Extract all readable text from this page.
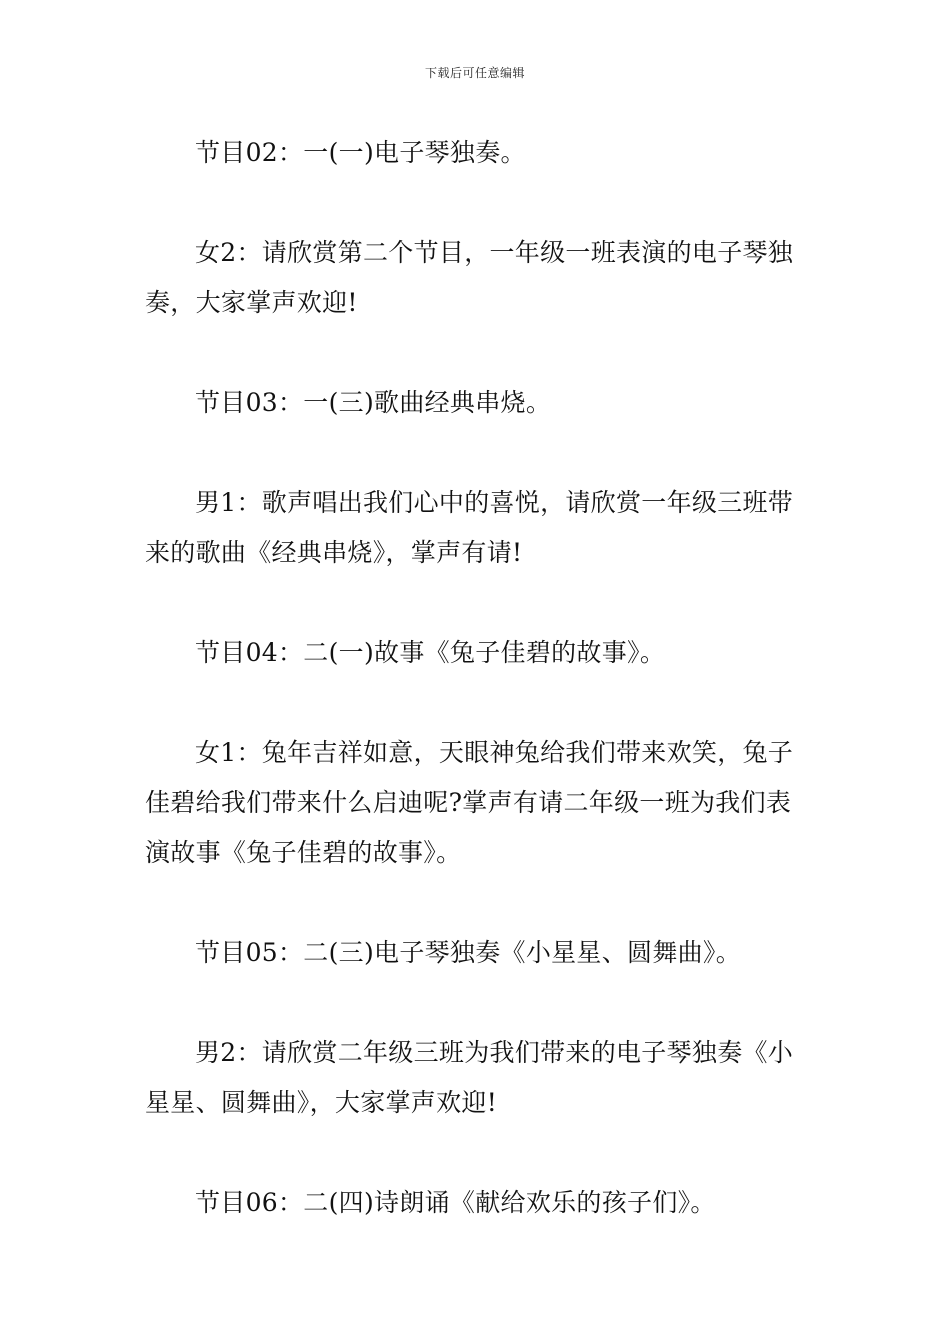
下载后可任意编辑

节目02：一(一)电子琴独奏。

女2：请欣赏第二个节目，一年级一班表演的电子琴独奏，大家掌声欢迎!

节目03：一(三)歌曲经典串烧。

男1：歌声唱出我们心中的喜悦，请欣赏一年级三班带来的歌曲《经典串烧》，掌声有请!

节目04：二(一)故事《兔子佳碧的故事》。

女1：兔年吉祥如意，天眼神兔给我们带来欢笑，兔子佳碧给我们带来什么启迪呢?掌声有请二年级一班为我们表演故事《兔子佳碧的故事》。

节目05：二(三)电子琴独奏《小星星、圆舞曲》。

男2：请欣赏二年级三班为我们带来的电子琴独奏《小星星、圆舞曲》，大家掌声欢迎!

节目06：二(四)诗朗诵《献给欢乐的孩子们》。
